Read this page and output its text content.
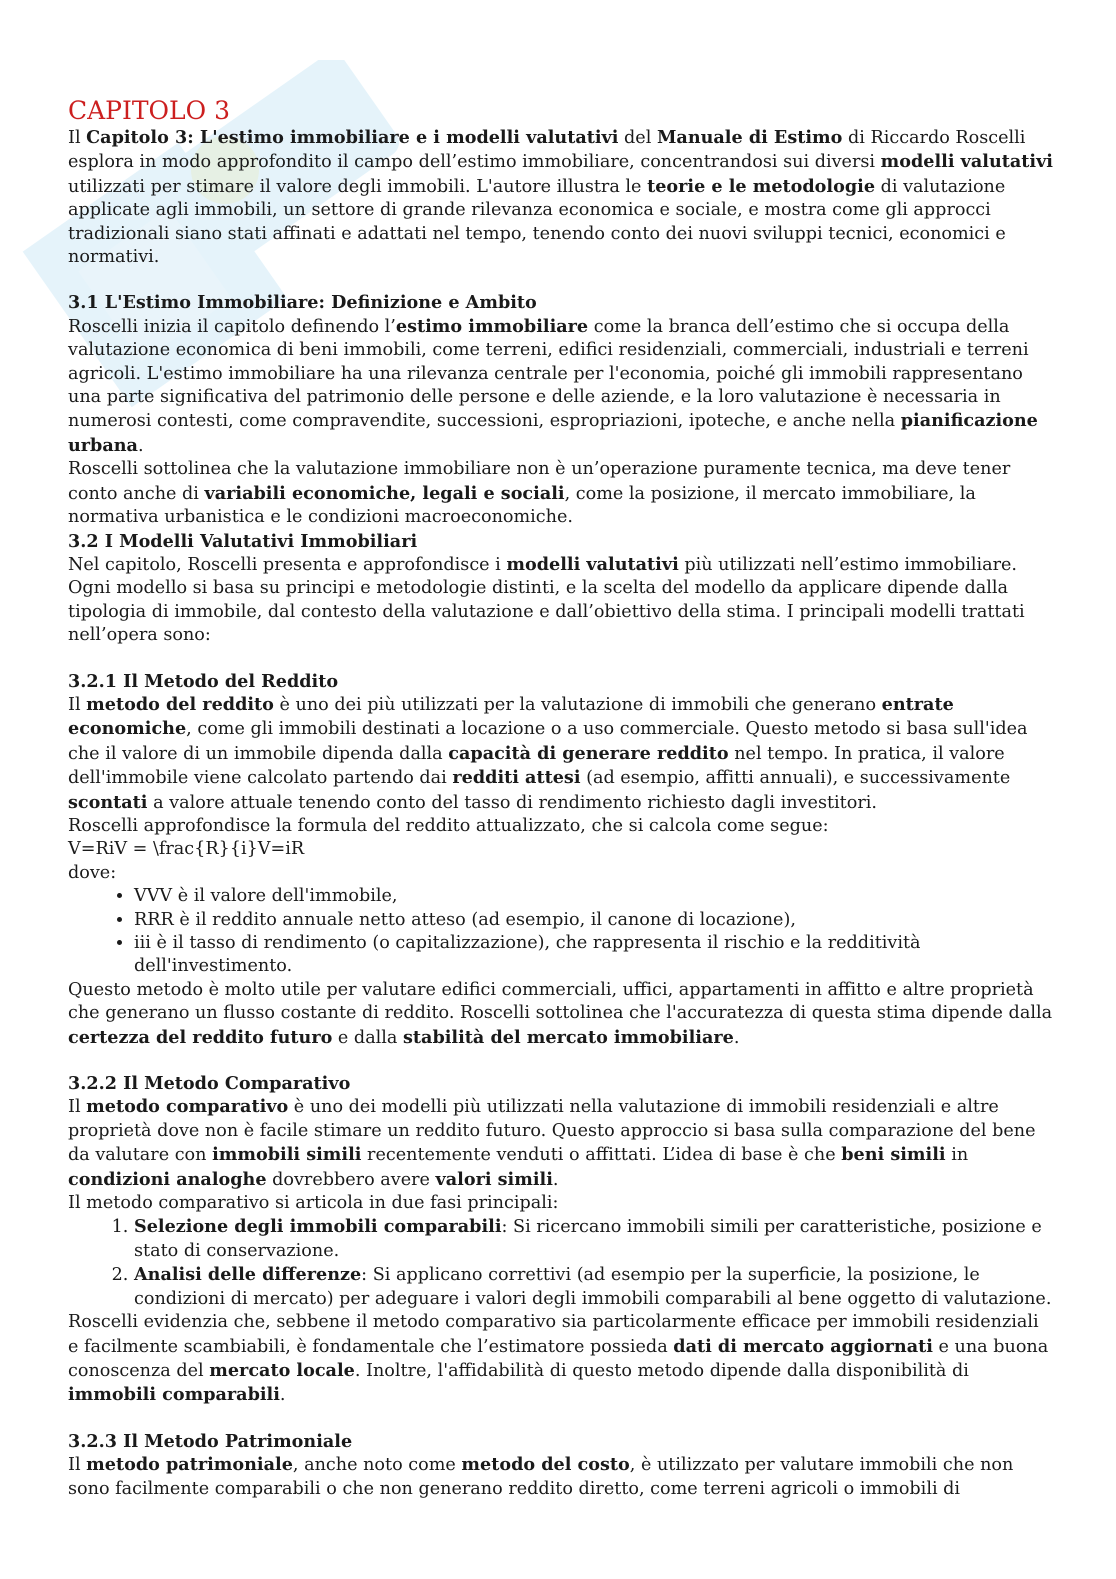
CAPITOLO 3

Il Capitolo 3: L'estimo immobiliare e i modelli valutativi del Manuale di Estimo di Riccardo Roscelli esplora in modo approfondito il campo dell’estimo immobiliare, concentrandosi sui diversi modelli valutativi utilizzati per stimare il valore degli immobili. L'autore illustra le teorie e le metodologie di valutazione applicate agli immobili, un settore di grande rilevanza economica e sociale, e mostra come gli approcci tradizionali siano stati affinati e adattati nel tempo, tenendo conto dei nuovi sviluppi tecnici, economici e normativi.

3.1 L'Estimo Immobiliare: Definizione e Ambito

Roscelli inizia il capitolo definendo l’estimo immobiliare come la branca dell’estimo che si occupa della valutazione economica di beni immobili, come terreni, edifici residenziali, commerciali, industriali e terreni agricoli. L'estimo immobiliare ha una rilevanza centrale per l'economia, poiché gli immobili rappresentano una parte significativa del patrimonio delle persone e delle aziende, e la loro valutazione è necessaria in numerosi contesti, come compravendite, successioni, espropriazioni, ipoteche, e anche nella pianificazione urbana.

Roscelli sottolinea che la valutazione immobiliare non è un’operazione puramente tecnica, ma deve tener conto anche di variabili economiche, legali e sociali, come la posizione, il mercato immobiliare, la normativa urbanistica e le condizioni macroeconomiche.

3.2 I Modelli Valutativi Immobiliari

Nel capitolo, Roscelli presenta e approfondisce i modelli valutativi più utilizzati nell’estimo immobiliare. Ogni modello si basa su principi e metodologie distinti, e la scelta del modello da applicare dipende dalla tipologia di immobile, dal contesto della valutazione e dall’obiettivo della stima. I principali modelli trattati nell’opera sono:

3.2.1 Il Metodo del Reddito

Il metodo del reddito è uno dei più utilizzati per la valutazione di immobili che generano entrate economiche, come gli immobili destinati a locazione o a uso commerciale. Questo metodo si basa sull'idea che il valore di un immobile dipenda dalla capacità di generare reddito nel tempo. In pratica, il valore dell'immobile viene calcolato partendo dai redditi attesi (ad esempio, affitti annuali), e successivamente scontati a valore attuale tenendo conto del tasso di rendimento richiesto dagli investitori.

Roscelli approfondisce la formula del reddito attualizzato, che si calcola come segue:

V=RiV = \frac{R}{i}V=iR

dove:

• VVV è il valore dell'immobile,
• RRR è il reddito annuale netto atteso (ad esempio, il canone di locazione),
• iii è il tasso di rendimento (o capitalizzazione), che rappresenta il rischio e la redditività dell'investimento.

Questo metodo è molto utile per valutare edifici commerciali, uffici, appartamenti in affitto e altre proprietà che generano un flusso costante di reddito. Roscelli sottolinea che l'accuratezza di questa stima dipende dalla certezza del reddito futuro e dalla stabilità del mercato immobiliare.

3.2.2 Il Metodo Comparativo

Il metodo comparativo è uno dei modelli più utilizzati nella valutazione di immobili residenziali e altre proprietà dove non è facile stimare un reddito futuro. Questo approccio si basa sulla comparazione del bene da valutare con immobili simili recentemente venduti o affittati. L’idea di base è che beni simili in condizioni analoghe dovrebbero avere valori simili.

Il metodo comparativo si articola in due fasi principali:

1. Selezione degli immobili comparabili: Si ricercano immobili simili per caratteristiche, posizione e stato di conservazione.
2. Analisi delle differenze: Si applicano correttivi (ad esempio per la superficie, la posizione, le condizioni di mercato) per adeguare i valori degli immobili comparabili al bene oggetto di valutazione.

Roscelli evidenzia che, sebbene il metodo comparativo sia particolarmente efficace per immobili residenziali e facilmente scambiabili, è fondamentale che l’estimatore possieda dati di mercato aggiornati e una buona conoscenza del mercato locale. Inoltre, l'affidabilità di questo metodo dipende dalla disponibilità di immobili comparabili.

3.2.3 Il Metodo Patrimoniale

Il metodo patrimoniale, anche noto come metodo del costo, è utilizzato per valutare immobili che non sono facilmente comparabili o che non generano reddito diretto, come terreni agricoli o immobili di
